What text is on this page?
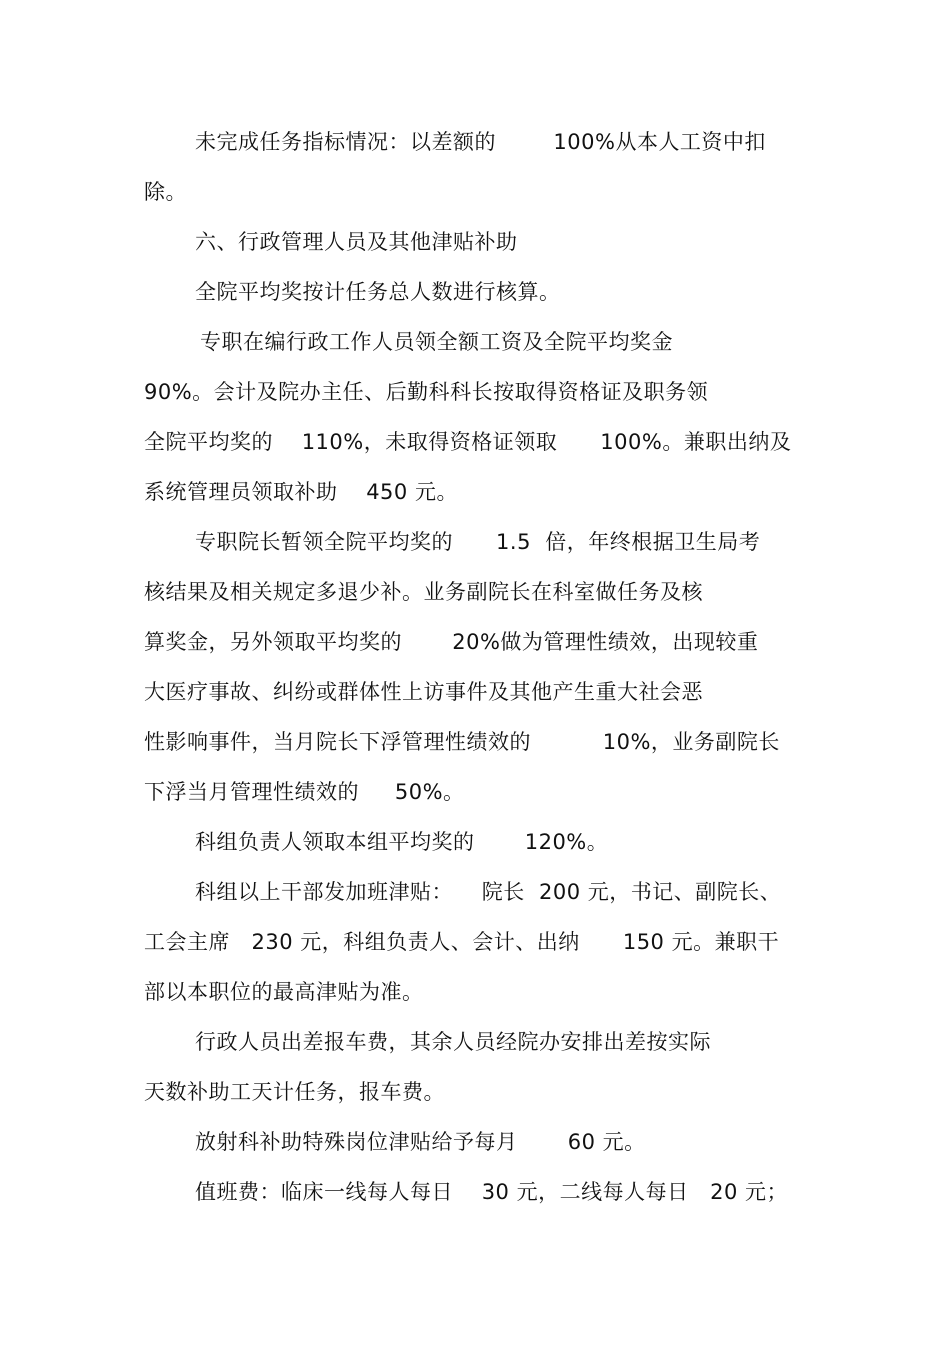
未完成任务指标情况：以差额的        100%从本人工资中扣
除。
六、行政管理人员及其他津贴补助
全院平均奖按计任务总人数进行核算。
专职在编行政工作人员领全额工资及全院平均奖金
90%。会计及院办主任、后勤科科长按取得资格证及职务领
全院平均奖的    110%，未取得资格证领取      100%。兼职出纳及
系统管理员领取补助    450 元。
专职院长暂领全院平均奖的      1.5  倍，年终根据卫生局考
核结果及相关规定多退少补。业务副院长在科室做任务及核
算奖金，另外领取平均奖的       20%做为管理性绩效，出现较重
大医疗事故、纠纷或群体性上访事件及其他产生重大社会恶
性影响事件，当月院长下浮管理性绩效的          10%，业务副院长
下浮当月管理性绩效的     50%。
科组负责人领取本组平均奖的       120%。
科组以上干部发加班津贴：    院长  200 元，书记、副院长、
工会主席   230 元，科组负责人、会计、出纳      150 元。兼职干
部以本职位的最高津贴为准。
行政人员出差报车费，其余人员经院办安排出差按实际
天数补助工天计任务，报车费。
放射科补助特殊岗位津贴给予每月       60 元。
值班费：临床一线每人每日    30 元，二线每人每日   20 元；
